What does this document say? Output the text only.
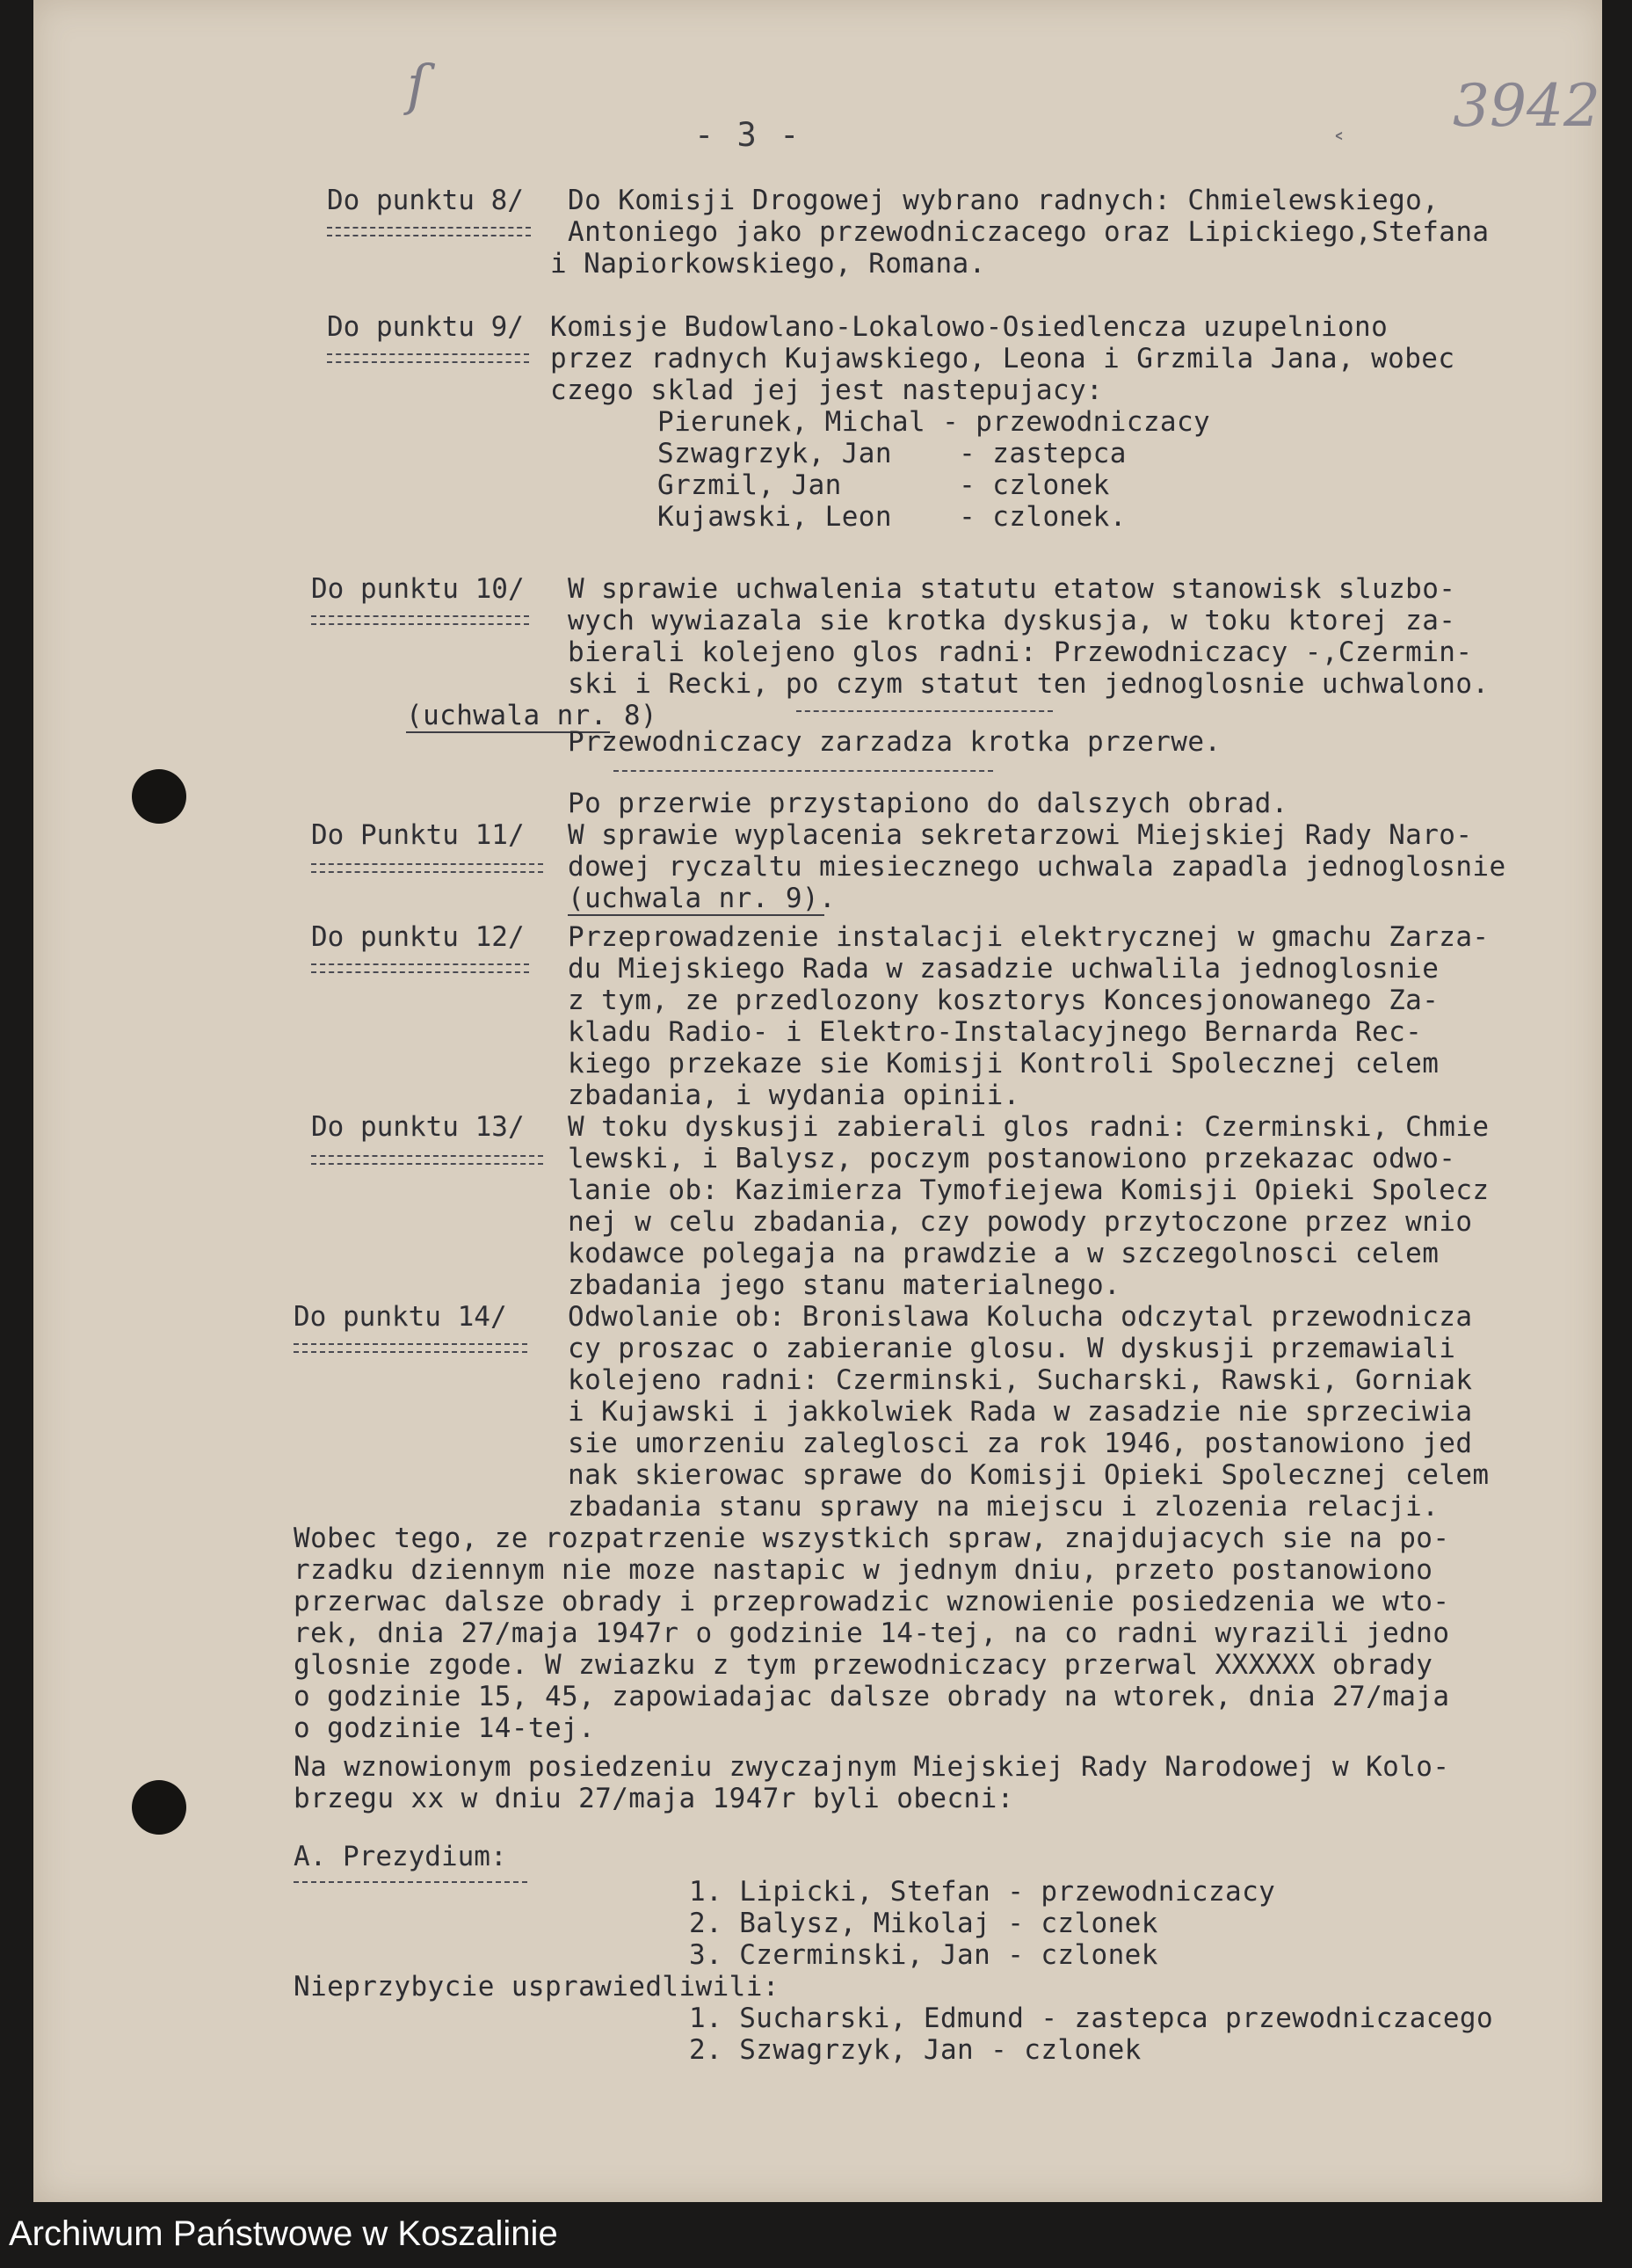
ſ	3942
˂
- 3 -
Do punktu 8/ Do Komisji Drogowej wybrano radnych: Chmielewskiego,
Antoniego jako przewodniczacego oraz Lipickiego,Stefana
i Napiorkowskiego, Romana.
Do punktu 9/ Komisje Budowlano-Lokalowo-Osiedlencza uzupelniono
przez radnych Kujawskiego, Leona i Grzmila Jana, wobec
czego sklad jej jest nastepujacy:
Pierunek, Michal - przewodniczacy
Szwagrzyk, Jan    - zastepca
Grzmil, Jan       - czlonek
Kujawski, Leon    - czlonek.
Do punktu 10/ W sprawie uchwalenia statutu etatow stanowisk sluzbo-
wych wywiazala sie krotka dyskusja, w toku ktorej za-
bierali kolejeno glos radni: Przewodniczacy -,Czermin-
ski i Recki, po czym statut ten jednoglosnie uchwalono.
(uchwala nr. 8)
Przewodniczacy zarzadza krotka przerwe.
Po przerwie przystapiono do dalszych obrad.
Do Punktu 11/ W sprawie wyplacenia sekretarzowi Miejskiej Rady Naro-
dowej ryczaltu miesiecznego uchwala zapadla jednoglosnie
(uchwala nr. 9).
Do punktu 12/ Przeprowadzenie instalacji elektrycznej w gmachu Zarza-
du Miejskiego Rada w zasadzie uchwalila jednoglosnie
z tym, ze przedlozony kosztorys Koncesjonowanego Za-
kladu Radio- i Elektro-Instalacyjnego Bernarda Rec-
kiego przekaze sie Komisji Kontroli Spolecznej celem
zbadania, i wydania opinii.
Do punktu 13/ W toku dyskusji zabierali glos radni: Czerminski, Chmie
lewski, i Balysz, poczym postanowiono przekazac odwo-
lanie ob: Kazimierza Tymofiejewa Komisji Opieki Spolecz
nej w celu zbadania, czy powody przytoczone przez wnio
kodawce polegaja na prawdzie a w szczegolnosci celem
zbadania jego stanu materialnego.
Do punktu 14/ Odwolanie ob: Bronislawa Kolucha odczytal przewodnicza
cy proszac o zabieranie glosu. W dyskusji przemawiali
kolejeno radni: Czerminski, Sucharski, Rawski, Gorniak
i Kujawski i jakkolwiek Rada w zasadzie nie sprzeciwia
sie umorzeniu zaleglosci za rok 1946, postanowiono jed
nak skierowac sprawe do Komisji Opieki Spolecznej celem
zbadania stanu sprawy na miejscu i zlozenia relacji.
Wobec tego, ze rozpatrzenie wszystkich spraw, znajdujacych sie na po-
rzadku dziennym nie moze nastapic w jednym dniu, przeto postanowiono
przerwac dalsze obrady i przeprowadzic wznowienie posiedzenia we wto-
rek, dnia 27/maja 1947r o godzinie 14-tej, na co radni wyrazili jedno
glosnie zgode. W zwiazku z tym przewodniczacy przerwal XXXXXX obrady
o godzinie 15, 45, zapowiadajac dalsze obrady na wtorek, dnia 27/maja
o godzinie 14-tej.
Na wznowionym posiedzeniu zwyczajnym Miejskiej Rady Narodowej w Kolo-
brzegu xx w dniu 27/maja 1947r byli obecni:
A. Prezydium:
1. Lipicki, Stefan - przewodniczacy
2. Balysz, Mikolaj - czlonek
3. Czerminski, Jan - czlonek
Nieprzybycie usprawiedliwili:
1. Sucharski, Edmund - zastepca przewodniczacego
2. Szwagrzyk, Jan - czlonek
Archiwum Państwowe w Koszalinie
